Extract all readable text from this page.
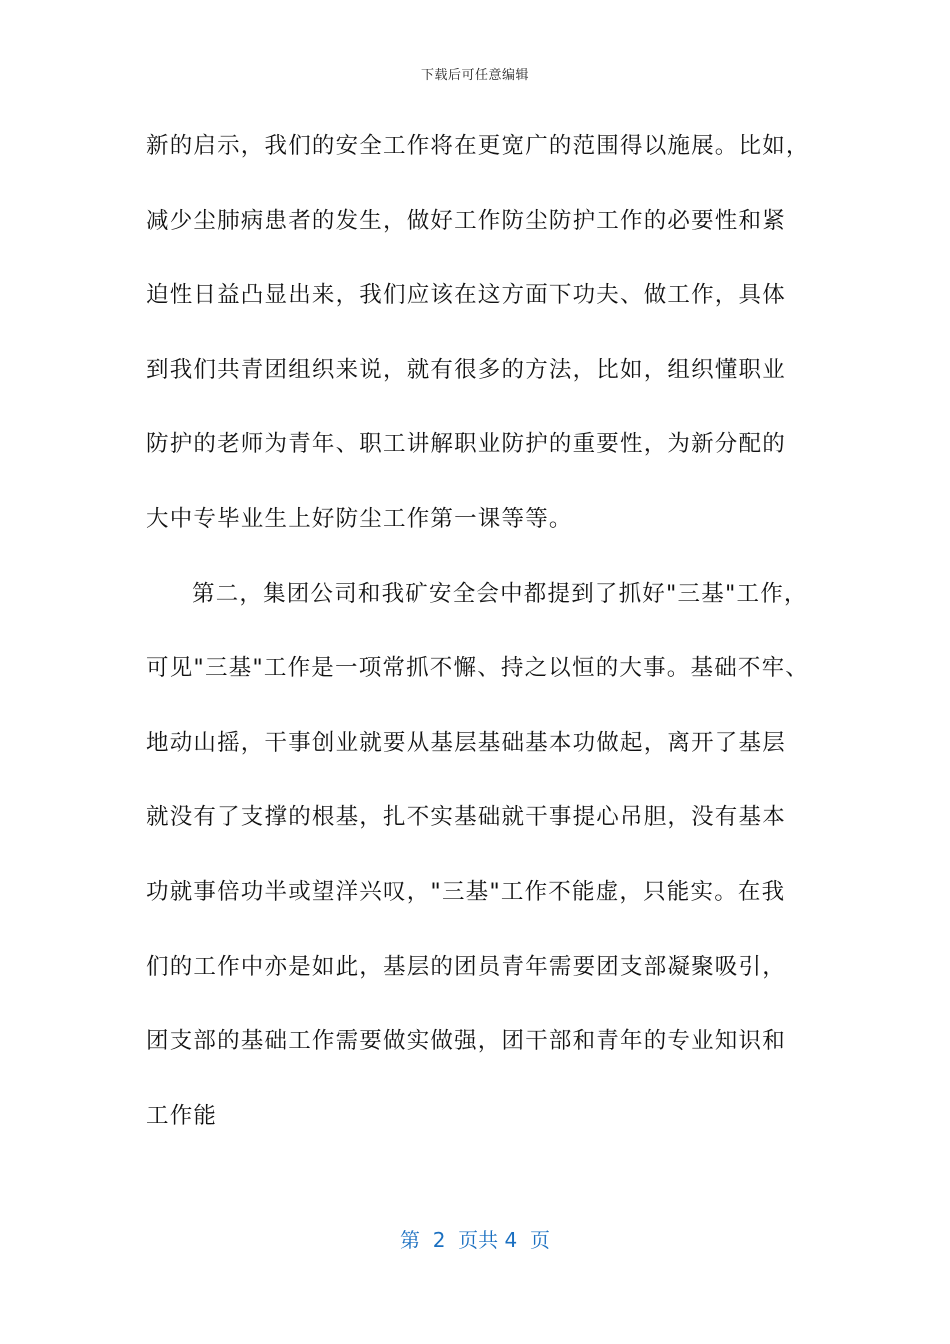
下载后可任意编辑
新的启示，我们的安全工作将在更宽广的范围得以施展。比如，
减少尘肺病患者的发生，做好工作防尘防护工作的必要性和紧
迫性日益凸显出来，我们应该在这方面下功夫、做工作，具体
到我们共青团组织来说，就有很多的方法，比如，组织懂职业
防护的老师为青年、职工讲解职业防护的重要性，为新分配的
大中专毕业生上好防尘工作第一课等等。
第二，集团公司和我矿安全会中都提到了抓好"三基"工作，
可见"三基"工作是一项常抓不懈、持之以恒的大事。基础不牢、
地动山摇，干事创业就要从基层基础基本功做起，离开了基层
就没有了支撑的根基，扎不实基础就干事提心吊胆，没有基本
功就事倍功半或望洋兴叹，"三基"工作不能虚，只能实。在我
们的工作中亦是如此，基层的团员青年需要团支部凝聚吸引，
团支部的基础工作需要做实做强，团干部和青年的专业知识和
工作能
第  2  页共 4  页
